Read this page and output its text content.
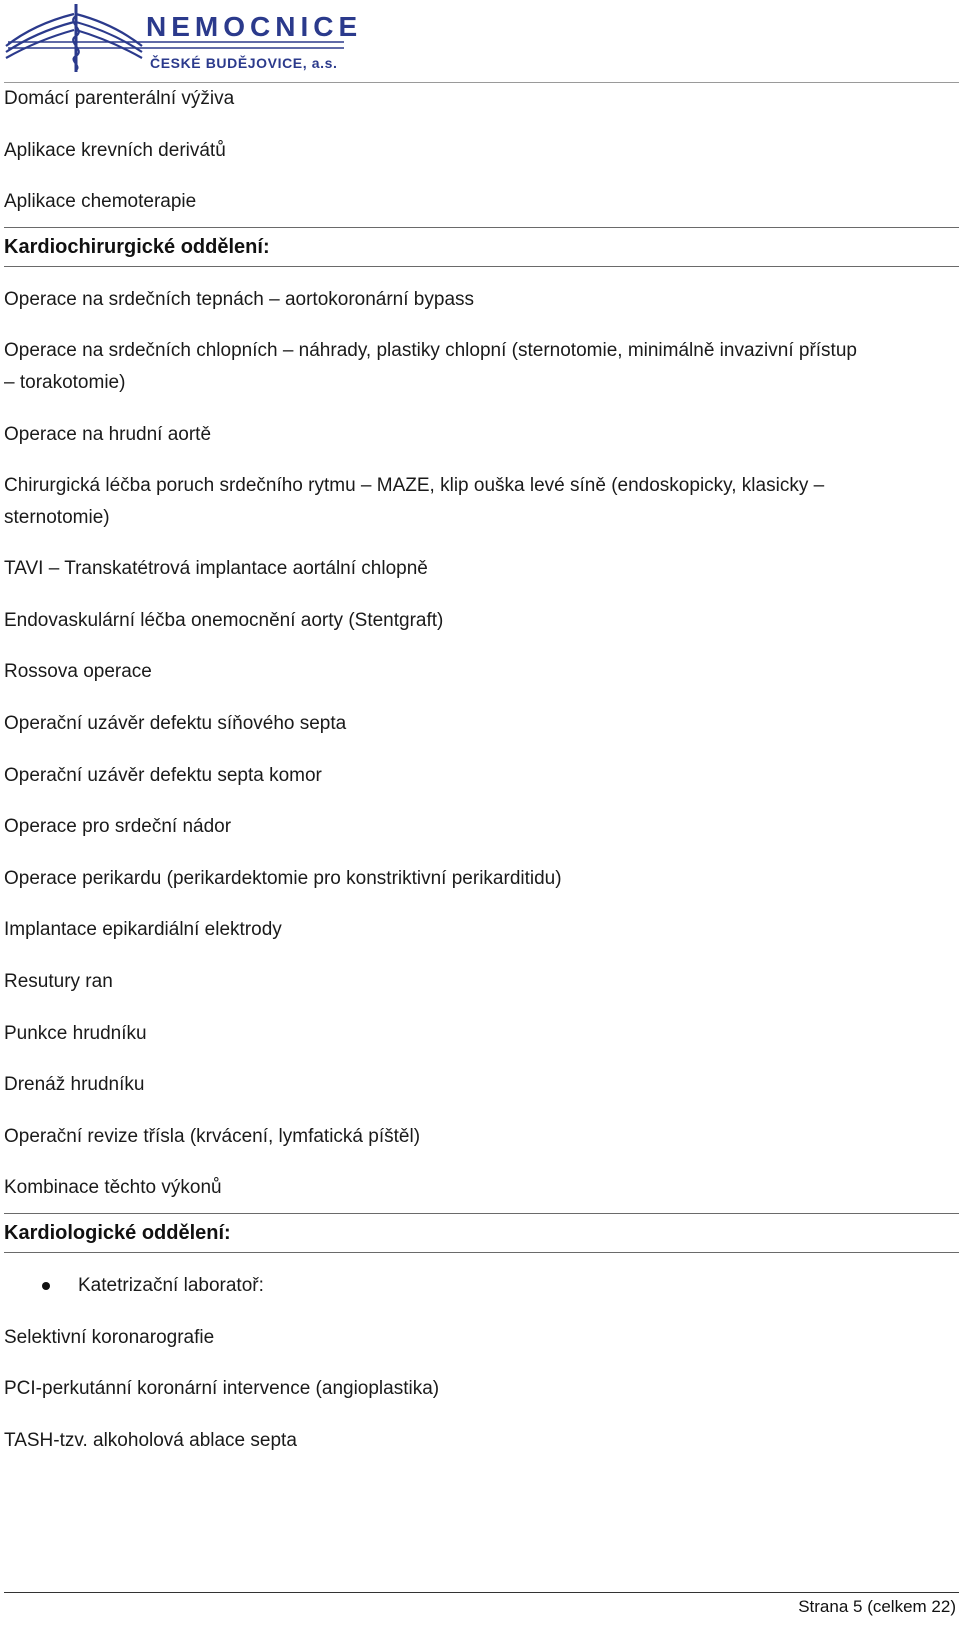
NEMOCNICE
ČESKÉ BUDĚJOVICE, a.s.

Domácí parenterální výživa

Aplikace krevních derivátů

Aplikace chemoterapie

Kardiochirurgické oddělení:

Operace na srdečních tepnách – aortokoronární bypass

Operace na srdečních chlopních – náhrady, plastiky chlopní (sternotomie, minimálně invazivní přístup

– torakotomie)

Operace na hrudní aortě

Chirurgická léčba poruch srdečního rytmu – MAZE, klip ouška levé síně (endoskopicky, klasicky –

sternotomie)

TAVI – Transkatétrová implantace aortální chlopně

Endovaskulární léčba onemocnění aorty (Stentgraft)

Rossova operace

Operační uzávěr defektu síňového septa

Operační uzávěr defektu septa komor

Operace pro srdeční nádor

Operace perikardu (perikardektomie pro konstriktivní perikarditidu)

Implantace epikardiální elektrody

Resutury ran

Punkce hrudníku

Drenáž hrudníku

Operační revize třísla (krvácení, lymfatická píštěl)

Kombinace těchto výkonů

Kardiologické oddělení:

Katetrizační laboratoř:

Selektivní koronarografie

PCI-perkutánní koronární intervence (angioplastika)

TASH-tzv. alkoholová ablace septa

Strana 5 (celkem 22)
